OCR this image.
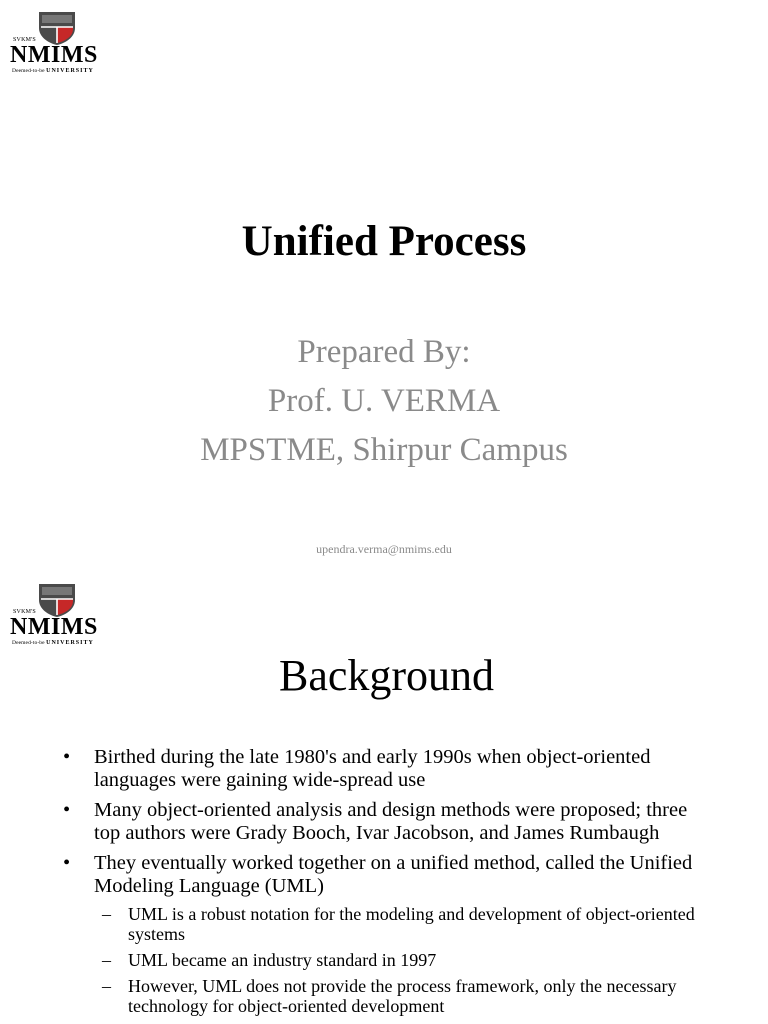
SVKM'S
NMIMS
Deemed-to-be UNIVERSITY
Unified Process
Prepared By:
Prof. U. VERMA
MPSTME, Shirpur Campus
upendra.verma@nmims.edu
SVKM'S
NMIMS
Deemed-to-be UNIVERSITY
Background
• Birthed during the late 1980's and early 1990s when object-oriented languages were gaining wide-spread use
• Many object-oriented analysis and design methods were proposed; three top authors were Grady Booch, Ivar Jacobson, and James Rumbaugh
• They eventually worked together on a unified method, called the Unified Modeling Language (UML)
– UML is a robust notation for the modeling and development of object-oriented systems
– UML became an industry standard in 1997
– However, UML does not provide the process framework, only the necessary technology for object-oriented development
